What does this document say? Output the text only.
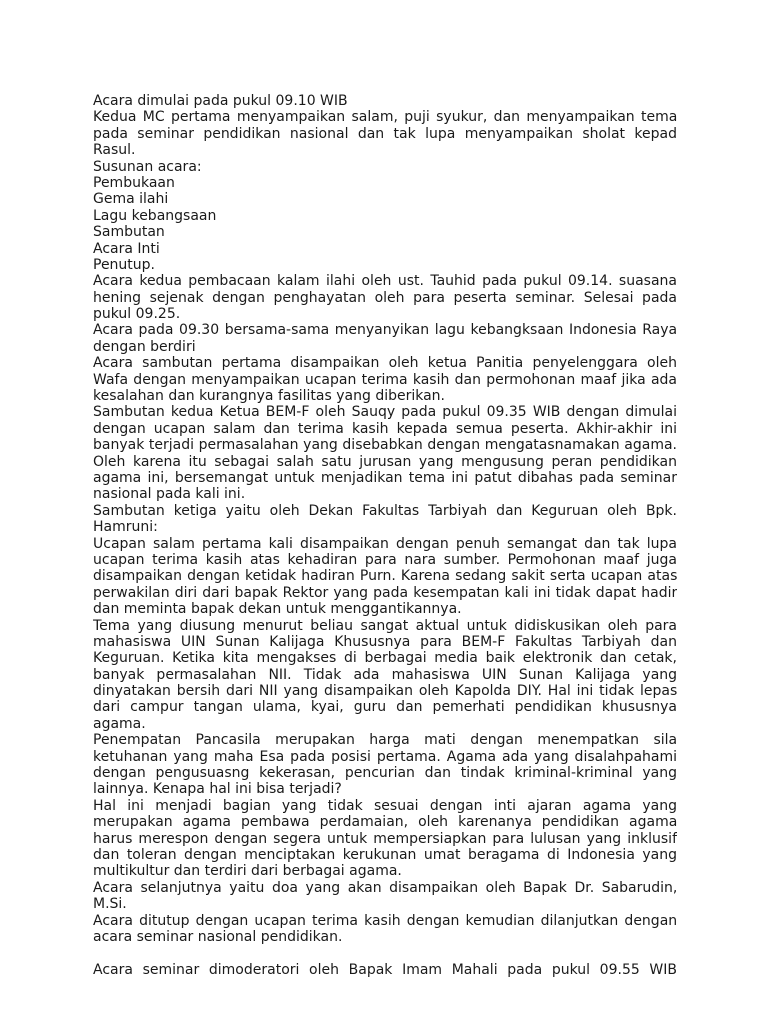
Acara dimulai pada pukul 09.10 WIB
Kedua MC pertama menyampaikan salam, puji syukur, dan menyampaikan tema
pada seminar pendidikan nasional dan tak lupa menyampaikan sholat kepad
Rasul.
Susunan acara:
Pembukaan
Gema ilahi
Lagu kebangsaan
Sambutan
Acara Inti
Penutup.
Acara kedua pembacaan kalam ilahi oleh ust. Tauhid pada pukul 09.14. suasana
hening sejenak dengan penghayatan oleh para peserta seminar. Selesai pada
pukul 09.25.
Acara pada 09.30 bersama-sama menyanyikan lagu kebangksaan Indonesia Raya
dengan berdiri
Acara sambutan pertama disampaikan oleh ketua Panitia penyelenggara oleh
Wafa dengan menyampaikan ucapan terima kasih dan permohonan maaf jika ada
kesalahan dan kurangnya fasilitas yang diberikan.
Sambutan kedua Ketua BEM-F oleh Sauqy pada pukul 09.35 WIB dengan dimulai
dengan ucapan salam dan terima kasih kepada semua peserta. Akhir-akhir ini
banyak terjadi permasalahan yang disebabkan dengan mengatasnamakan agama.
Oleh karena itu sebagai salah satu jurusan yang mengusung peran pendidikan
agama ini, bersemangat untuk menjadikan tema ini patut dibahas pada seminar
nasional pada kali ini.
Sambutan ketiga yaitu oleh Dekan Fakultas Tarbiyah dan Keguruan oleh Bpk.
Hamruni:
Ucapan salam pertama kali disampaikan dengan penuh semangat dan tak lupa
ucapan terima kasih atas kehadiran para nara sumber. Permohonan maaf juga
disampaikan dengan ketidak hadiran Purn. Karena sedang sakit serta ucapan atas
perwakilan diri dari bapak Rektor yang pada kesempatan kali ini tidak dapat hadir
dan meminta bapak dekan untuk menggantikannya.
Tema yang diusung menurut beliau sangat aktual untuk didiskusikan oleh para
mahasiswa UIN Sunan Kalijaga Khususnya para BEM-F Fakultas Tarbiyah dan
Keguruan. Ketika kita mengakses di berbagai media baik elektronik dan cetak,
banyak permasalahan NII. Tidak ada mahasiswa UIN Sunan Kalijaga yang
dinyatakan bersih dari NII yang disampaikan oleh Kapolda DIY. Hal ini tidak lepas
dari campur tangan ulama, kyai, guru dan pemerhati pendidikan khususnya
agama.
Penempatan Pancasila merupakan harga mati dengan menempatkan sila
ketuhanan yang maha Esa pada posisi pertama. Agama ada yang disalahpahami
dengan pengusuasng kekerasan, pencurian dan tindak kriminal-kriminal yang
lainnya. Kenapa hal ini bisa terjadi?
Hal ini menjadi bagian yang tidak sesuai dengan inti ajaran agama yang
merupakan agama pembawa perdamaian, oleh karenanya pendidikan agama
harus merespon dengan segera untuk mempersiapkan para lulusan yang inklusif
dan toleran dengan menciptakan kerukunan umat beragama di Indonesia yang
multikultur dan terdiri dari berbagai agama.
Acara selanjutnya yaitu doa yang akan disampaikan oleh Bapak Dr. Sabarudin,
M.Si.
Acara ditutup dengan ucapan terima kasih dengan kemudian dilanjutkan dengan
acara seminar nasional pendidikan.
Acara seminar dimoderatori oleh Bapak Imam Mahali pada pukul 09.55 WIB
